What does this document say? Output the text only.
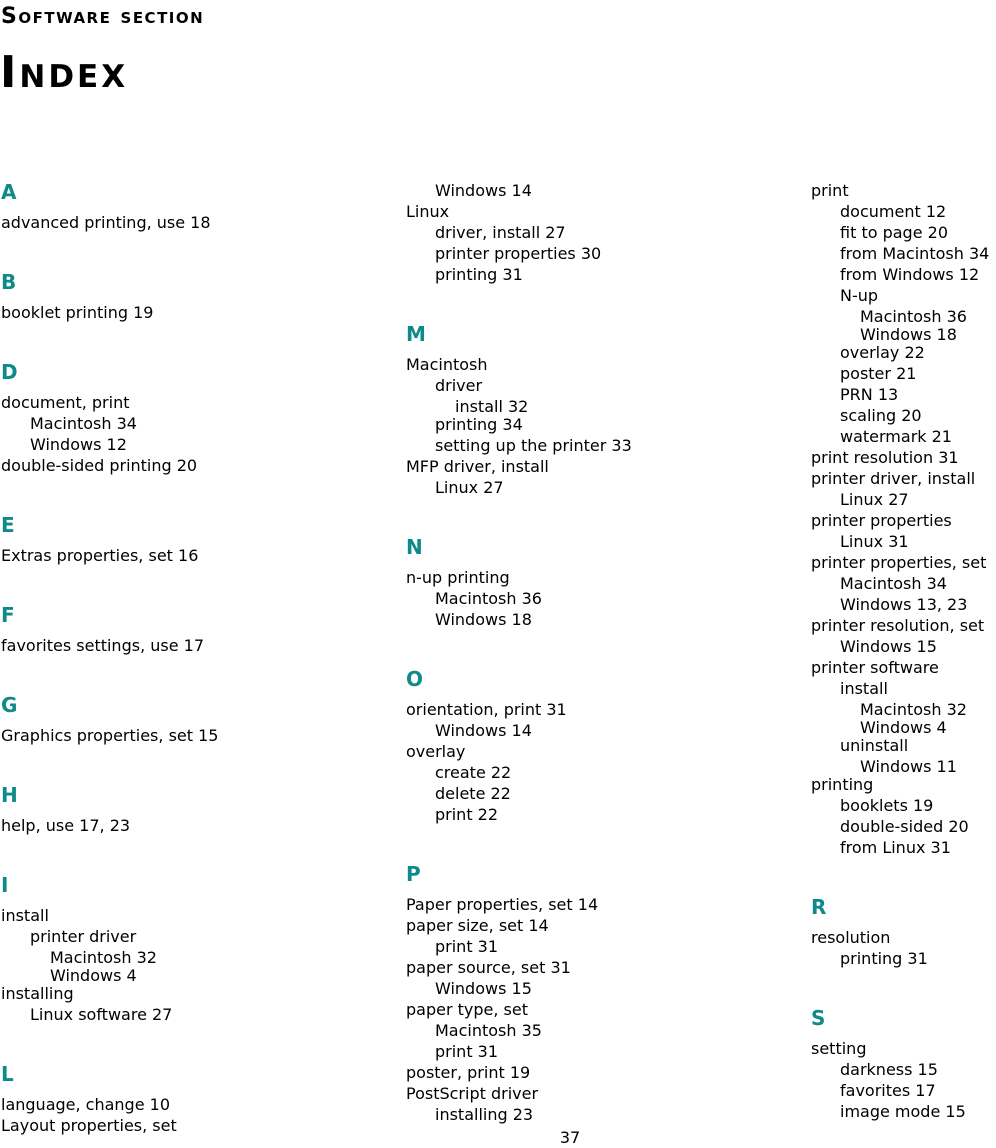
Software section
Index
A
advanced printing, use 18
B
booklet printing 19
D
document, print
Macintosh 34
Windows 12
double-sided printing 20
E
Extras properties, set 16
F
favorites settings, use 17
G
Graphics properties, set 15
H
help, use 17, 23
I
install
printer driver
Macintosh 32
Windows 4
installing
Linux software 27
L
language, change 10
Layout properties, set
Windows 14
Linux
driver, install 27
printer properties 30
printing 31
M
Macintosh
driver
install 32
printing 34
setting up the printer 33
MFP driver, install
Linux 27
N
n-up printing
Macintosh 36
Windows 18
O
orientation, print 31
Windows 14
overlay
create 22
delete 22
print 22
P
Paper properties, set 14
paper size, set 14
print 31
paper source, set 31
Windows 15
paper type, set
Macintosh 35
print 31
poster, print 19
PostScript driver
installing 23
print
document 12
fit to page 20
from Macintosh 34
from Windows 12
N-up
Macintosh 36
Windows 18
overlay 22
poster 21
PRN 13
scaling 20
watermark 21
print resolution 31
printer driver, install
Linux 27
printer properties
Linux 31
printer properties, set
Macintosh 34
Windows 13, 23
printer resolution, set
Windows 15
printer software
install
Macintosh 32
Windows 4
uninstall
Windows 11
printing
booklets 19
double-sided 20
from Linux 31
R
resolution
printing 31
S
setting
darkness 15
favorites 17
image mode 15
37
